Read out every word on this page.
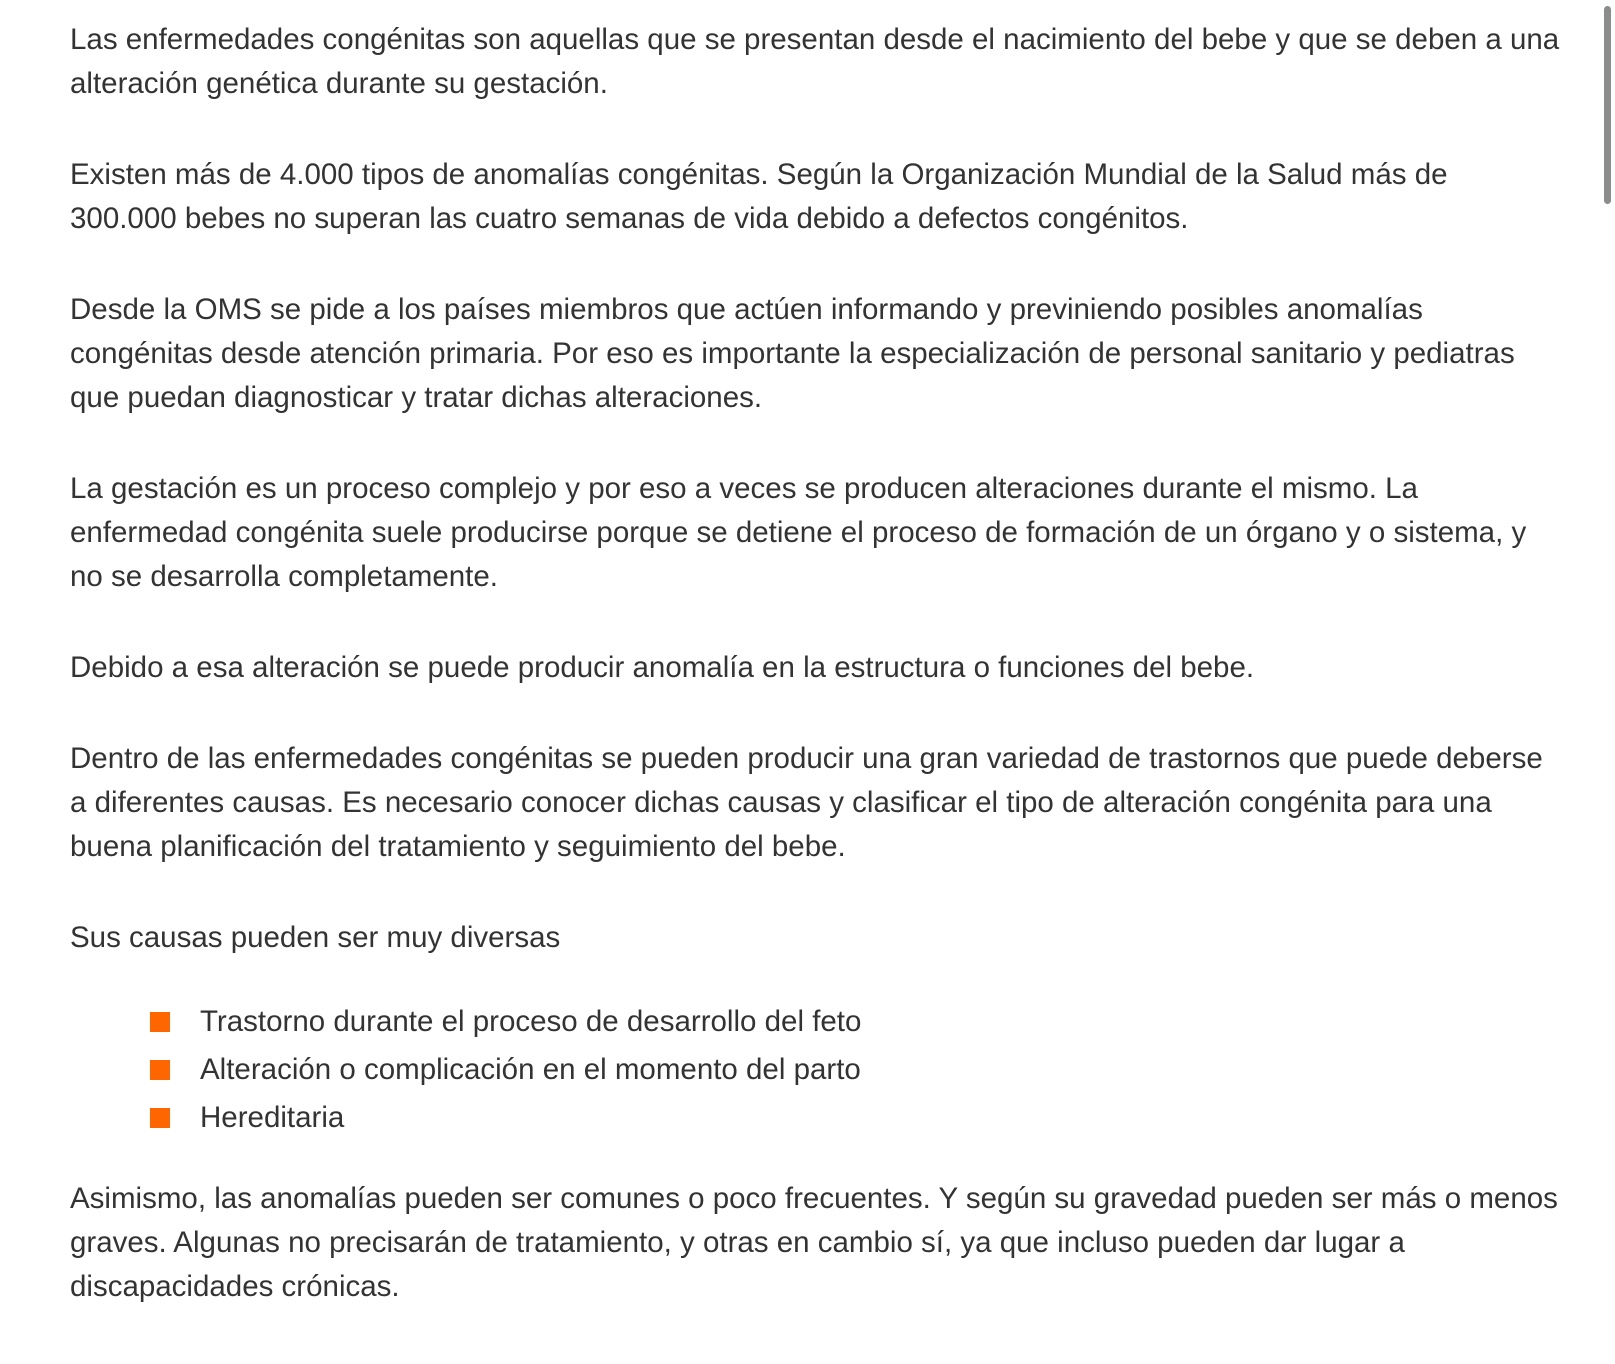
Las enfermedades congénitas son aquellas que se presentan desde el nacimiento del bebe y que se deben a una alteración genética durante su gestación.

Existen más de 4.000 tipos de anomalías congénitas. Según la Organización Mundial de la Salud más de 300.000 bebes no superan las cuatro semanas de vida debido a defectos congénitos.

Desde la OMS se pide a los países miembros que actúen informando y previniendo posibles anomalías congénitas desde atención primaria. Por eso es importante la especialización de personal sanitario y pediatras que puedan diagnosticar y tratar dichas alteraciones.

La gestación es un proceso complejo y por eso a veces se producen alteraciones durante el mismo. La enfermedad congénita suele producirse porque se detiene el proceso de formación de un órgano y o sistema, y no se desarrolla completamente.

Debido a esa alteración se puede producir anomalía en la estructura o funciones del bebe.

Dentro de las enfermedades congénitas se pueden producir una gran variedad de trastornos que puede deberse a diferentes causas. Es necesario conocer dichas causas y clasificar el tipo de alteración congénita para una buena planificación del tratamiento y seguimiento del bebe.

Sus causas pueden ser muy diversas

Trastorno durante el proceso de desarrollo del feto
Alteración o complicación en el momento del parto
Hereditaria

Asimismo, las anomalías pueden ser comunes o poco frecuentes. Y según su gravedad pueden ser más o menos graves. Algunas no precisarán de tratamiento, y otras en cambio sí, ya que incluso pueden dar lugar a discapacidades crónicas.
